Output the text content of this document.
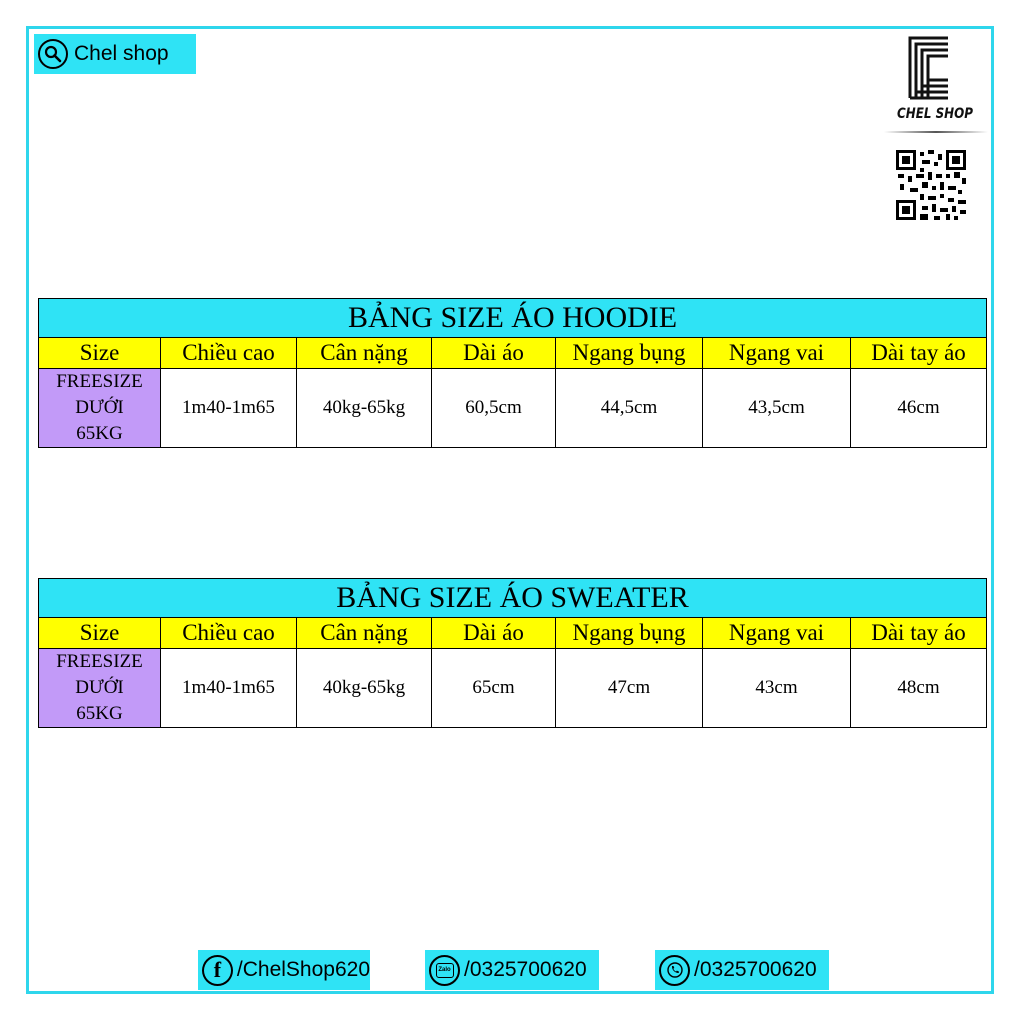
Chel shop
CHEL SHOP
BẢNG SIZE ÁO HOODIE						
Size	Chiều cao	Cân nặng	Dài áo	Ngang bụng	Ngang vai	Dài tay áo

FREESIZE
DƯỚI
65KG	1m40-1m65	40kg-65kg	60,5cm	44,5cm	43,5cm	46cm
BẢNG SIZE ÁO SWEATER						
Size	Chiều cao	Cân nặng	Dài áo	Ngang bụng	Ngang vai	Dài tay áo

FREESIZE
DƯỚI
65KG	1m40-1m65	40kg-65kg	65cm	47cm	43cm	48cm
f /ChelShop620	Zalo /0325700620	/0325700620
